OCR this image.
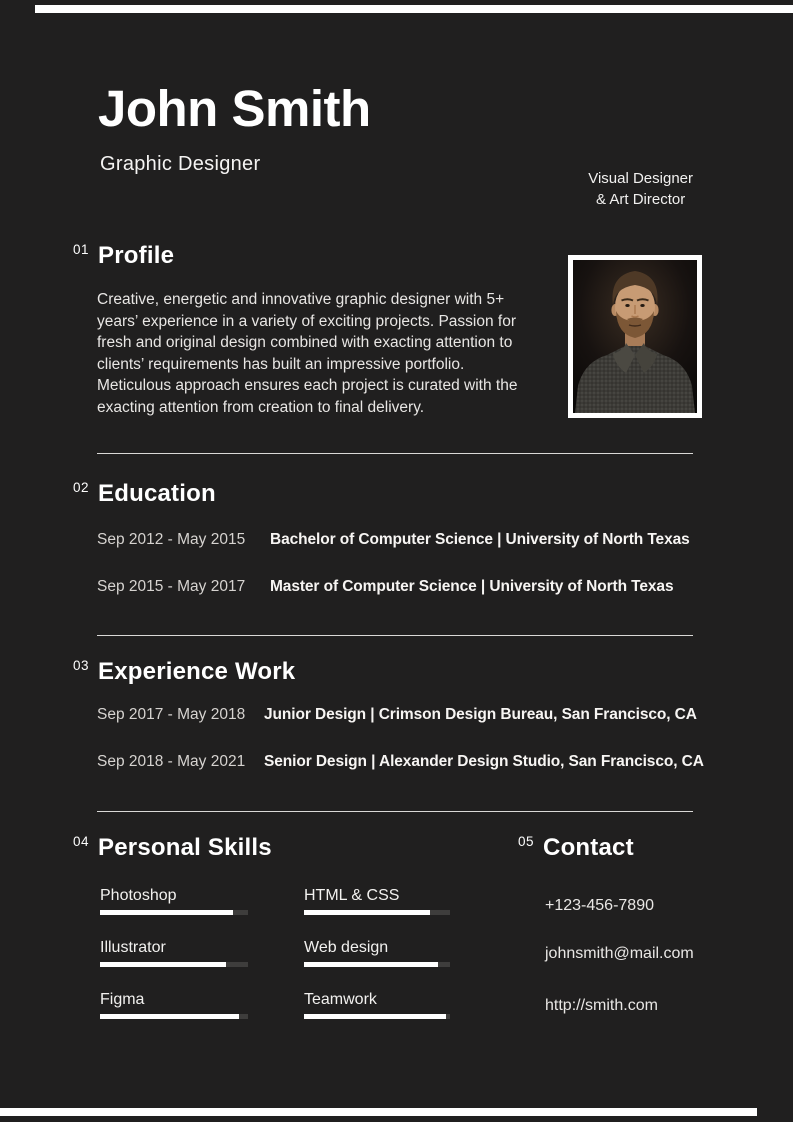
John Smith
Graphic Designer
Visual Designer
& Art Director
01 Profile
Creative, energetic and innovative graphic designer with 5+
years’ experience in a variety of exciting projects. Passion for
fresh and original design combined with exacting attention to
clients’ requirements has built an impressive portfolio.
Meticulous approach ensures each project is curated with the
exacting attention from creation to final delivery.
02 Education
Sep 2012 - May 2015 Bachelor of Computer Science | University of North Texas
Sep 2015 - May 2017 Master of Computer Science | University of North Texas
03 Experience Work
Sep 2017 - May 2018 Junior Design | Crimson Design Bureau, San Francisco, CA
Sep 2018 - May 2021 Senior Design | Alexander Design Studio, San Francisco, CA
04 Personal Skills
Photoshop
Illustrator
Figma
HTML & CSS
Web design
Teamwork
05 Contact
+123-456-7890
johnsmith@mail.com
http://smith.com
